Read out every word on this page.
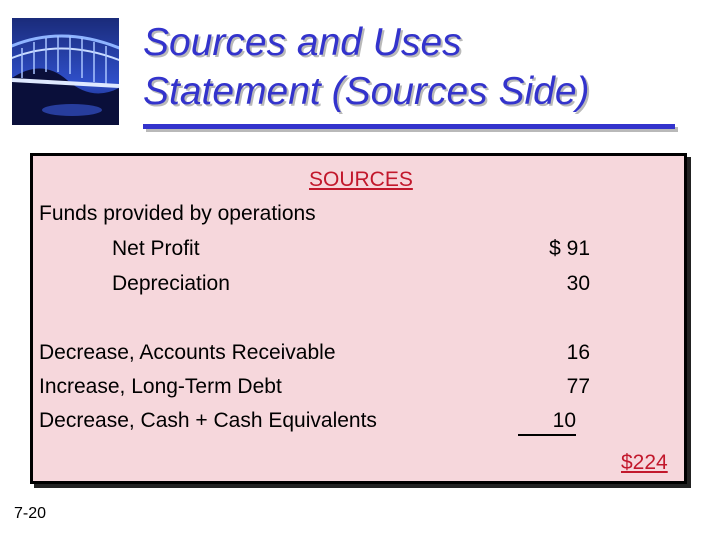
Sources and Uses
Statement (Sources Side)
SOURCES
Funds provided by operations
Net Profit	$ 91
Depreciation	30
Decrease, Accounts Receivable	16
Increase, Long-Term Debt	77
Decrease, Cash + Cash Equivalents	10
$224
7-20
